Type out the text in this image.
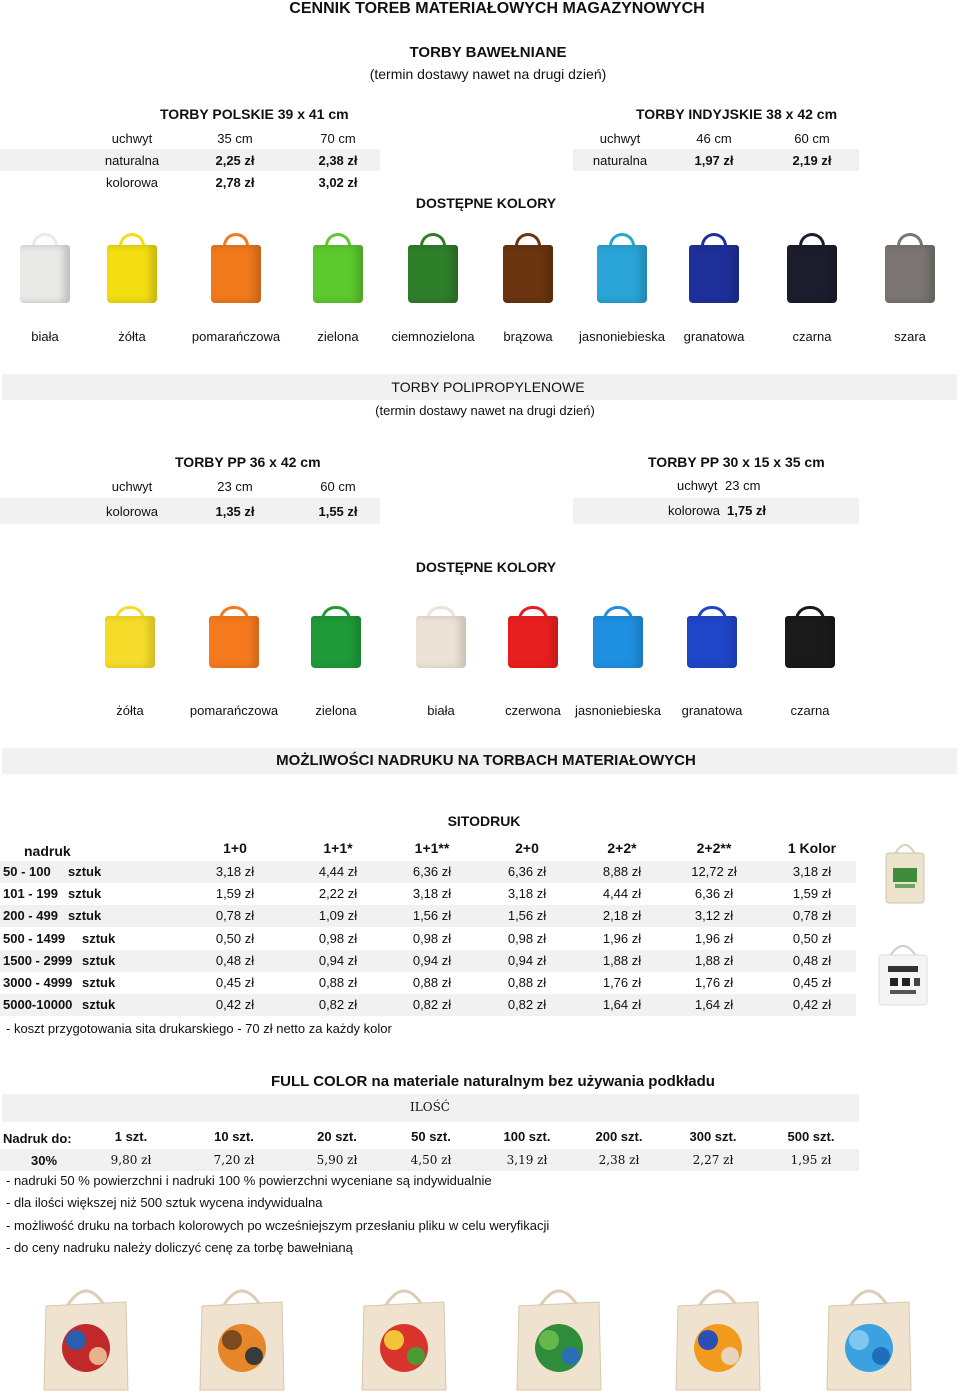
CENNIK TOREB MATERIAŁOWYCH MAGAZYNOWYCH
TORBY BAWEŁNIANE
(termin dostawy nawet na drugi dzień)
TORBY POLSKIE 39 x 41 cm
uchwyt	35 cm	70 cm
naturalna	2,25 zł	2,38 zł
kolorowa	2,78 zł	3,02 zł
TORBY INDYJSKIE 38 x 42 cm
uchwyt	46 cm	60 cm
naturalna	1,97 zł	2,19 zł
DOSTĘPNE KOLORY
biała	żółta	pomarańczowa	zielona	ciemnozielona	brązowa	jasnoniebieska	granatowa	czarna	szara
TORBY POLIPROPYLENOWE
(termin dostawy nawet na drugi dzień)
TORBY PP 36 x 42 cm
uchwyt	23 cm	60 cm
kolorowa	1,35 zł	1,55 zł
TORBY PP 30 x 15 x 35 cm
uchwyt 23 cm
kolorowa 1,75 zł
DOSTĘPNE KOLORY
żółta	pomarańczowa	zielona	biała	czerwona	jasnoniebieska	granatowa	czarna
MOŻLIWOŚCI NADRUKU NA TORBACH MATERIAŁOWYCH
SITODRUK
nadruk	1+0	1+1*	1+1**	2+0	2+2*	2+2**	1 Kolor
50 - 100 sztuk	3,18 zł	4,44 zł	6,36 zł	6,36 zł	8,88 zł	12,72 zł	3,18 zł
101 - 199 sztuk	1,59 zł	2,22 zł	3,18 zł	3,18 zł	4,44 zł	6,36 zł	1,59 zł
200 - 499 sztuk	0,78 zł	1,09 zł	1,56 zł	1,56 zł	2,18 zł	3,12 zł	0,78 zł
500 - 1499 sztuk	0,50 zł	0,98 zł	0,98 zł	0,98 zł	1,96 zł	1,96 zł	0,50 zł
1500 - 2999 sztuk	0,48 zł	0,94 zł	0,94 zł	0,94 zł	1,88 zł	1,88 zł	0,48 zł
3000 - 4999 sztuk	0,45 zł	0,88 zł	0,88 zł	0,88 zł	1,76 zł	1,76 zł	0,45 zł
5000-10000 sztuk	0,42 zł	0,82 zł	0,82 zł	0,82 zł	1,64 zł	1,64 zł	0,42 zł
- koszt przygotowania sita drukarskiego - 70 zł netto za każdy kolor
FULL COLOR na materiale naturalnym bez używania podkładu
ILOŚĆ
Nadruk do:	1 szt.	10 szt.	20 szt.	50 szt.	100 szt.	200 szt.	300 szt.	500 szt.
30%	9,80 zł	7,20 zł	5,90 zł	4,50 zł	3,19 zł	2,38 zł	2,27 zł	1,95 zł
- nadruki 50 % powierzchni i nadruki 100 % powierzchni wyceniane są indywidualnie
- dla ilości większej niż 500 sztuk wycena indywidualna
- możliwość druku na torbach kolorowych po wcześniejszym przesłaniu pliku w celu weryfikacji
- do ceny nadruku należy doliczyć cenę za torbę bawełnianą
